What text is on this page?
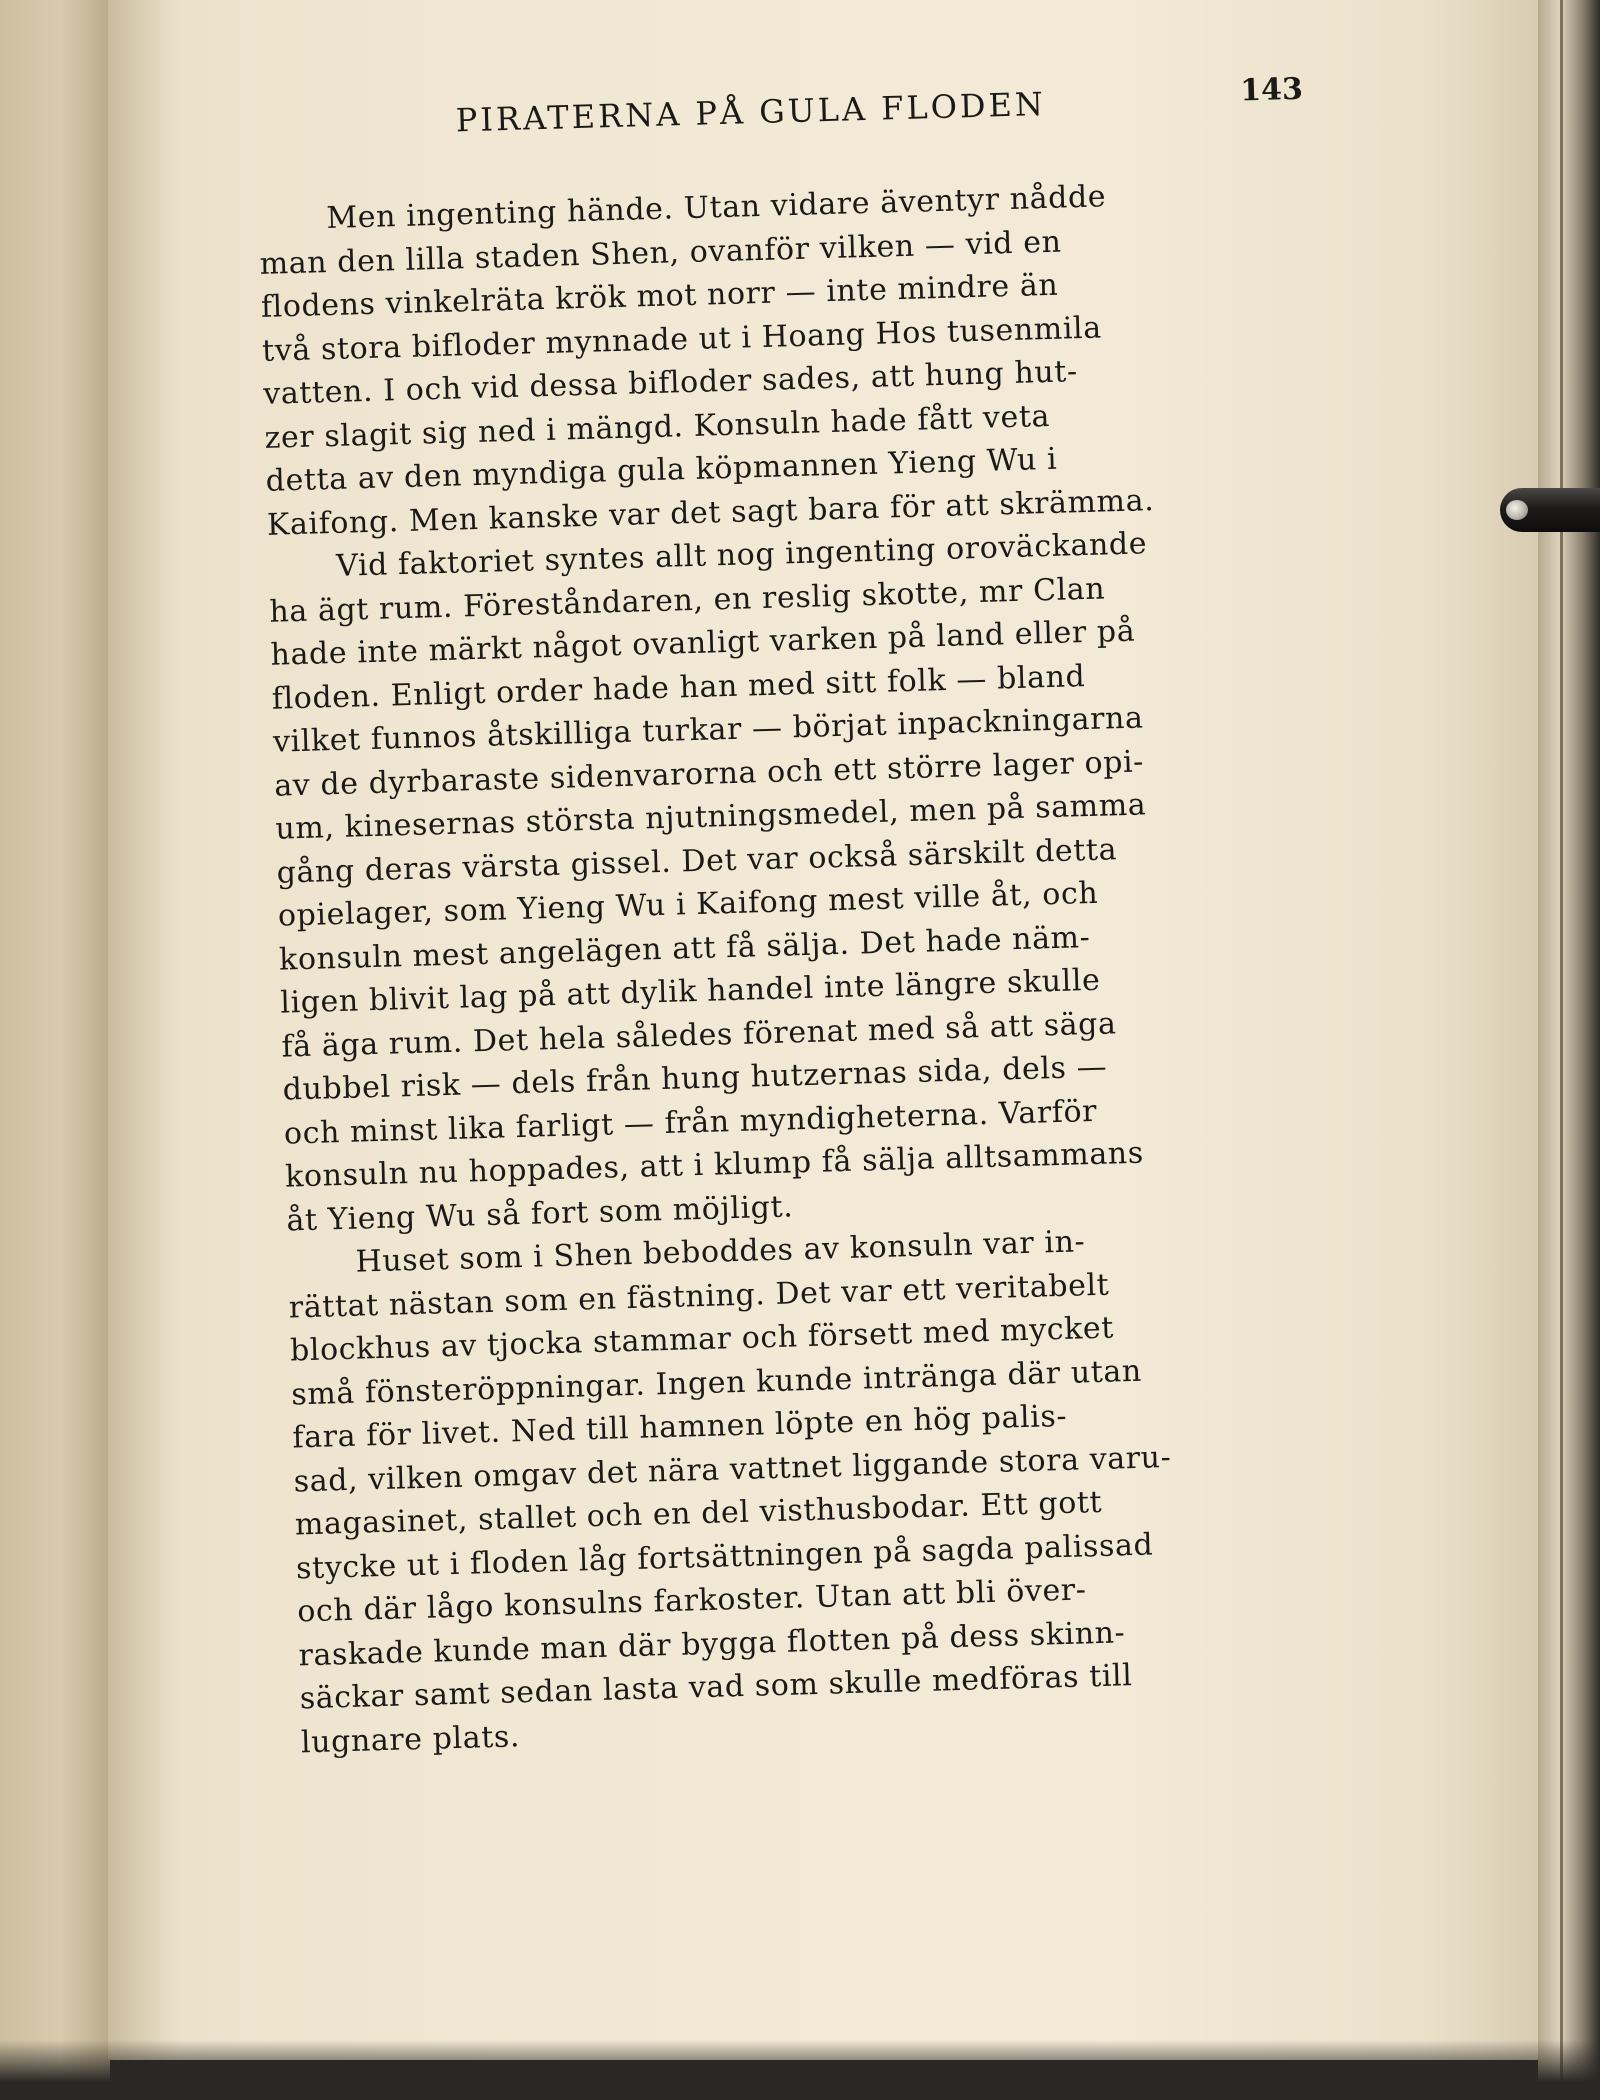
PIRATERNA PÅ GULA FLODEN	143
Men ingenting hände. Utan vidare äventyr nådde
man den lilla staden Shen, ovanför vilken — vid en
flodens vinkelräta krök mot norr — inte mindre än
två stora bifloder mynnade ut i Hoang Hos tusenmila
vatten. I och vid dessa bifloder sades, att hung hut-
zer slagit sig ned i mängd. Konsuln hade fått veta
detta av den myndiga gula köpmannen Yieng Wu i
Kaifong. Men kanske var det sagt bara för att skrämma.
Vid faktoriet syntes allt nog ingenting oroväckande
ha ägt rum. Föreståndaren, en reslig skotte, mr Clan
hade inte märkt något ovanligt varken på land eller på
floden. Enligt order hade han med sitt folk — bland
vilket funnos åtskilliga turkar — börjat inpackningarna
av de dyrbaraste sidenvarorna och ett större lager opi-
um, kinesernas största njutningsmedel, men på samma
gång deras värsta gissel. Det var också särskilt detta
opielager, som Yieng Wu i Kaifong mest ville åt, och
konsuln mest angelägen att få sälja. Det hade näm-
ligen blivit lag på att dylik handel inte längre skulle
få äga rum. Det hela således förenat med så att säga
dubbel risk — dels från hung hutzernas sida, dels —
och minst lika farligt — från myndigheterna. Varför
konsuln nu hoppades, att i klump få sälja alltsammans
åt Yieng Wu så fort som möjligt.
Huset som i Shen beboddes av konsuln var in-
rättat nästan som en fästning. Det var ett veritabelt
blockhus av tjocka stammar och försett med mycket
små fönsteröppningar. Ingen kunde intränga där utan
fara för livet. Ned till hamnen löpte en hög palis-
sad, vilken omgav det nära vattnet liggande stora varu-
magasinet, stallet och en del visthusbodar. Ett gott
stycke ut i floden låg fortsättningen på sagda palissad
och där lågo konsulns farkoster. Utan att bli över-
raskade kunde man där bygga flotten på dess skinn-
säckar samt sedan lasta vad som skulle medföras till
lugnare plats.
